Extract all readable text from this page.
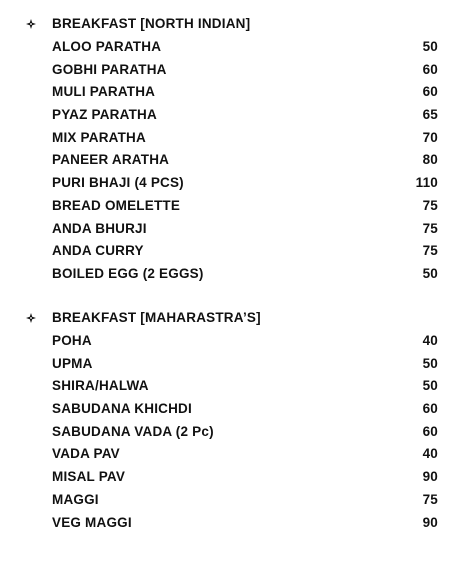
BREAKFAST [NORTH INDIAN]
ALOO PARATHA	50
GOBHI PARATHA	60
MULI PARATHA	60
PYAZ PARATHA	65
MIX PARATHA	70
PANEER ARATHA	80
PURI BHAJI (4 PCS)	110
BREAD OMELETTE	75
ANDA BHURJI	75
ANDA CURRY	75
BOILED EGG (2 EGGS)	50
BREAKFAST [MAHARASTRA’S]
POHA	40
UPMA	50
SHIRA/HALWA	50
SABUDANA KHICHDI	60
SABUDANA VADA (2 Pc)	60
VADA PAV	40
MISAL PAV	90
MAGGI	75
VEG MAGGI	90
